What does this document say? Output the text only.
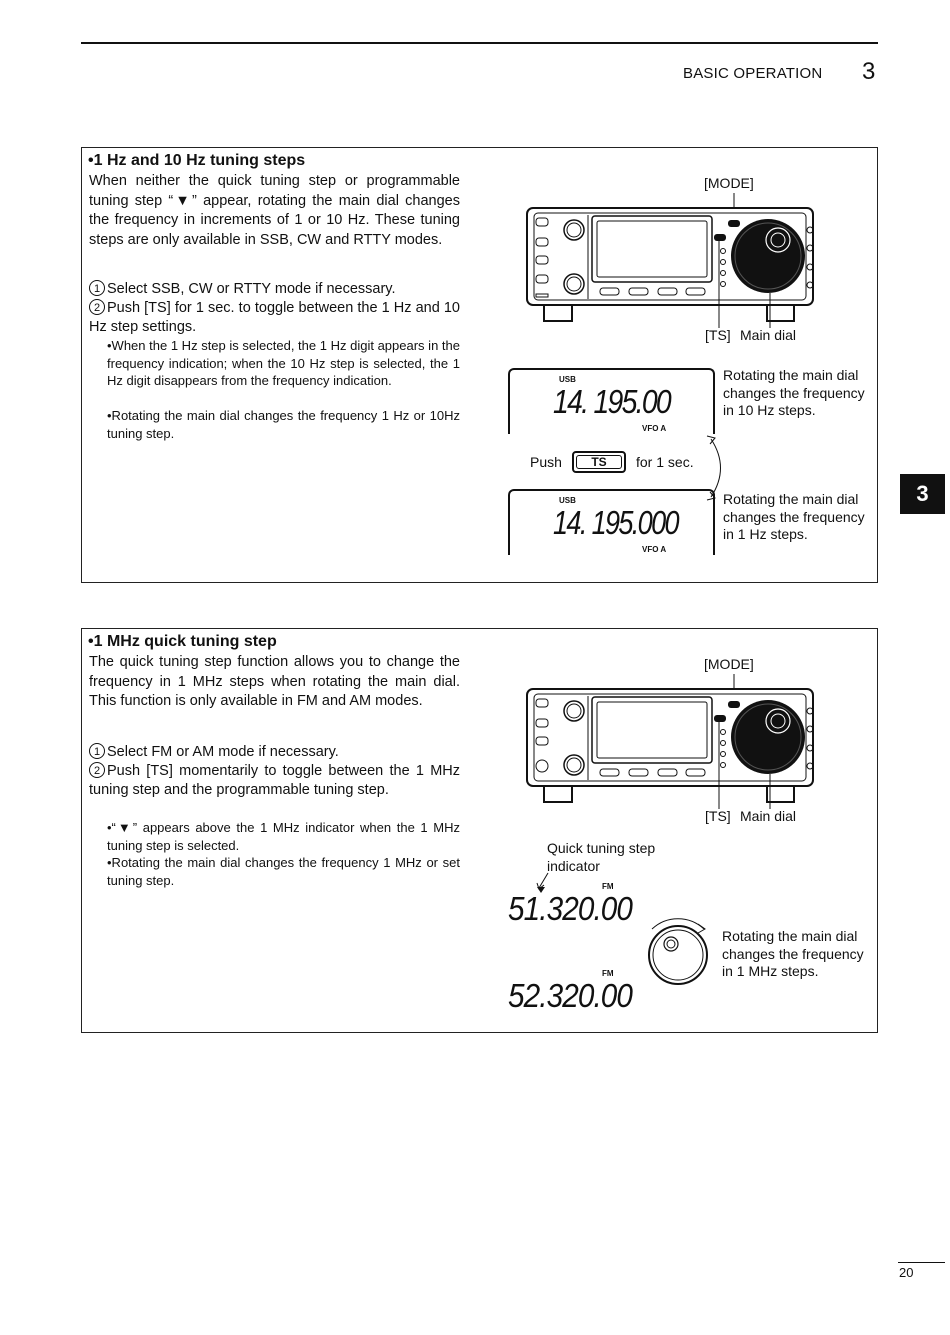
BASIC OPERATION 3
•1 Hz and 10 Hz tuning steps
When neither the quick tuning step or programmable tuning step “▼” appear, rotating the main dial changes the frequency in increments of 1 or 10 Hz. These tuning steps are only available in SSB, CW and RTTY modes.
1 Select SSB, CW or RTTY mode if necessary.
2 Push [TS] for 1 sec. to toggle between the 1 Hz and 10 Hz step settings.
•When the 1 Hz step is selected, the 1 Hz digit appears in the frequency indication; when the 10 Hz step is selected, the 1 Hz digit disappears from the frequency indication.
•Rotating the main dial changes the frequency 1 Hz or 10Hz tuning step.
[MODE]
[TS] Main dial
USB
14. 195.00
VFO A
Rotating the main dial
changes the frequency
in 10 Hz steps.
Push	TS	for 1 sec.
USB
14. 195.000
VFO A
Rotating the main dial
changes the frequency
in 1 Hz steps.
3
•1 MHz quick tuning step
The quick tuning step function allows you to change the frequency in 1 MHz steps when rotating the main dial. This function is only available in FM and AM modes.
1 Select FM or AM mode if necessary.
2 Push [TS] momentarily to toggle between the 1 MHz tuning step and the programmable tuning step.
•“▼” appears above the 1 MHz indicator when the 1 MHz tuning step is selected.
•Rotating the main dial changes the frequency 1 MHz or set tuning step.
[MODE]
[TS] Main dial
Quick tuning step
indicator
FM
51.320.00
FM
52.320.00
Rotating the main dial
changes the frequency
in 1 MHz steps.
20
